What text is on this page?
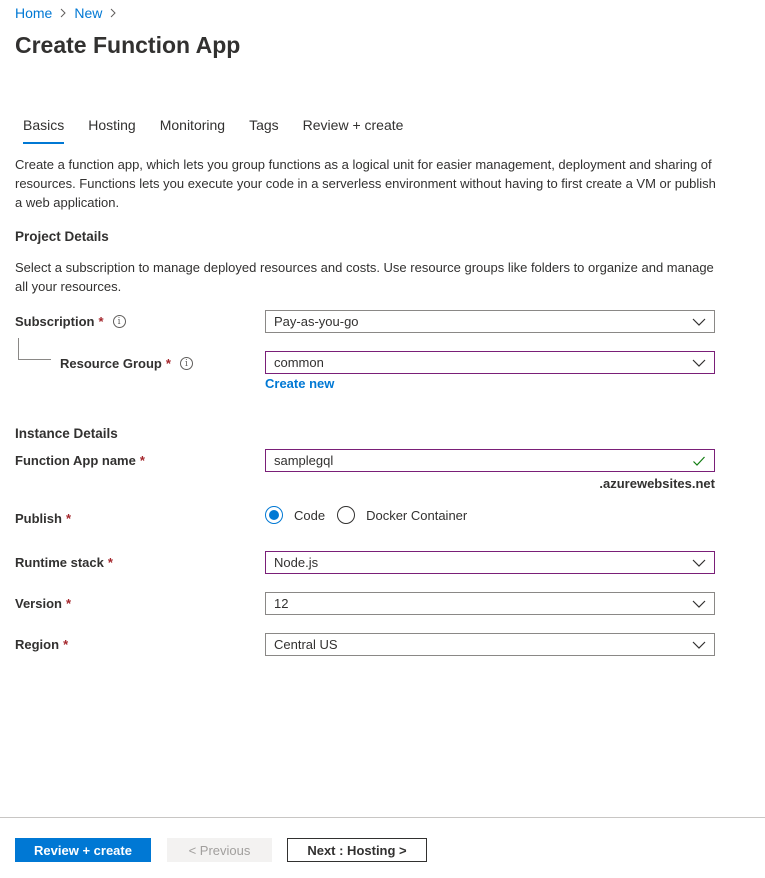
Home New
Create Function App
Basics	Hosting	Monitoring	Tags	Review + create

Create a function app, which lets you group functions as a logical unit for easier management, deployment and sharing of resources. Functions lets you execute your code in a serverless environment without having to first create a VM or publish a web application.

Project Details

Select a subscription to manage deployed resources and costs. Use resource groups like folders to organize and manage all your resources.

Subscription *	i	Pay-as-you-go
Resource Group *	i	common
Create new
Instance Details
Function App name *	samplegql
.azurewebsites.net
Publish *	Code	Docker Container
Runtime stack *	Node.js
Version *	12
Region *	Central US
Review + create	< Previous	Next : Hosting >
